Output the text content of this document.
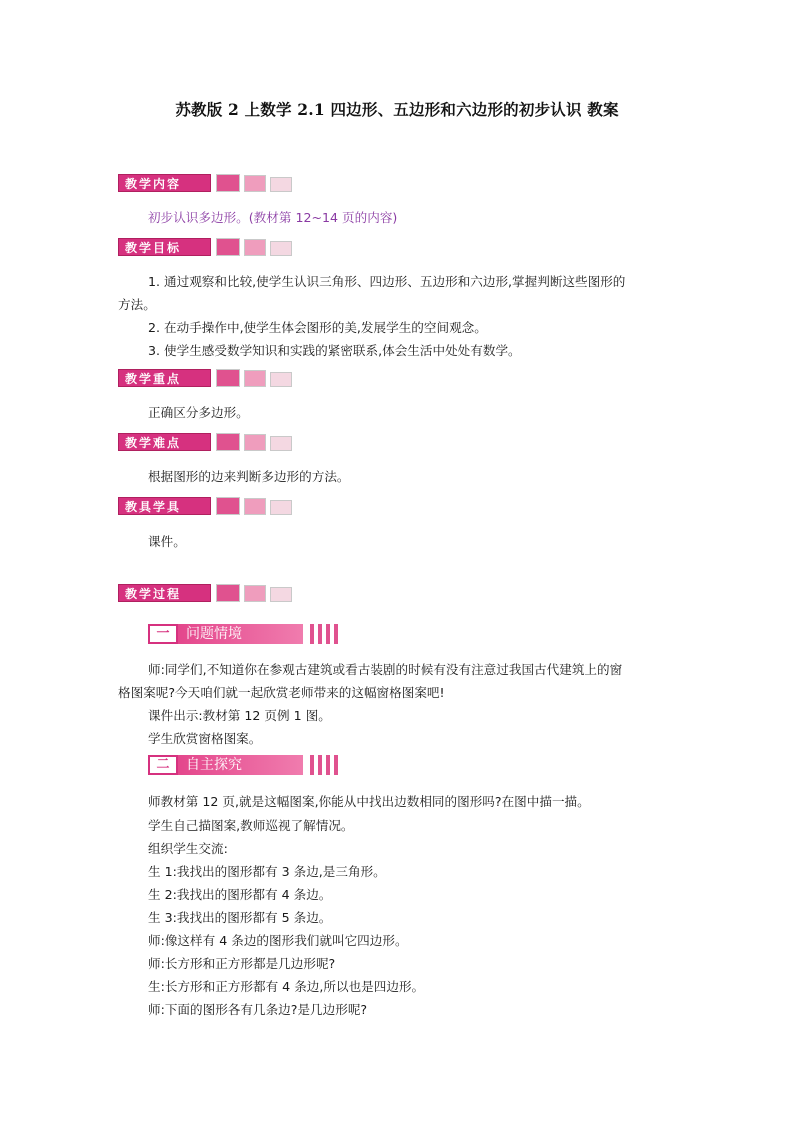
苏教版 2 上数学 2.1 四边形、五边形和六边形的初步认识 教案
教学内容
初步认识多边形。(教材第 12~14 页的内容)
教学目标
1. 通过观察和比较,使学生认识三角形、四边形、五边形和六边形,掌握判断这些图形的
方法。
2. 在动手操作中,使学生体会图形的美,发展学生的空间观念。
3. 使学生感受数学知识和实践的紧密联系,体会生活中处处有数学。
教学重点
正确区分多边形。
教学难点
根据图形的边来判断多边形的方法。
教具学具
课件。
教学过程
一	问题情境
师:同学们,不知道你在参观古建筑或看古装剧的时候有没有注意过我国古代建筑上的窗
格图案呢?今天咱们就一起欣赏老师带来的这幅窗格图案吧!
课件出示:教材第 12 页例 1 图。
学生欣赏窗格图案。
二	自主探究
师教材第 12 页,就是这幅图案,你能从中找出边数相同的图形吗?在图中描一描。
学生自己描图案,教师巡视了解情况。
组织学生交流:
生 1:我找出的图形都有 3 条边,是三角形。
生 2:我找出的图形都有 4 条边。
生 3:我找出的图形都有 5 条边。
师:像这样有 4 条边的图形我们就叫它四边形。
师:长方形和正方形都是几边形呢?
生:长方形和正方形都有 4 条边,所以也是四边形。
师:下面的图形各有几条边?是几边形呢?
